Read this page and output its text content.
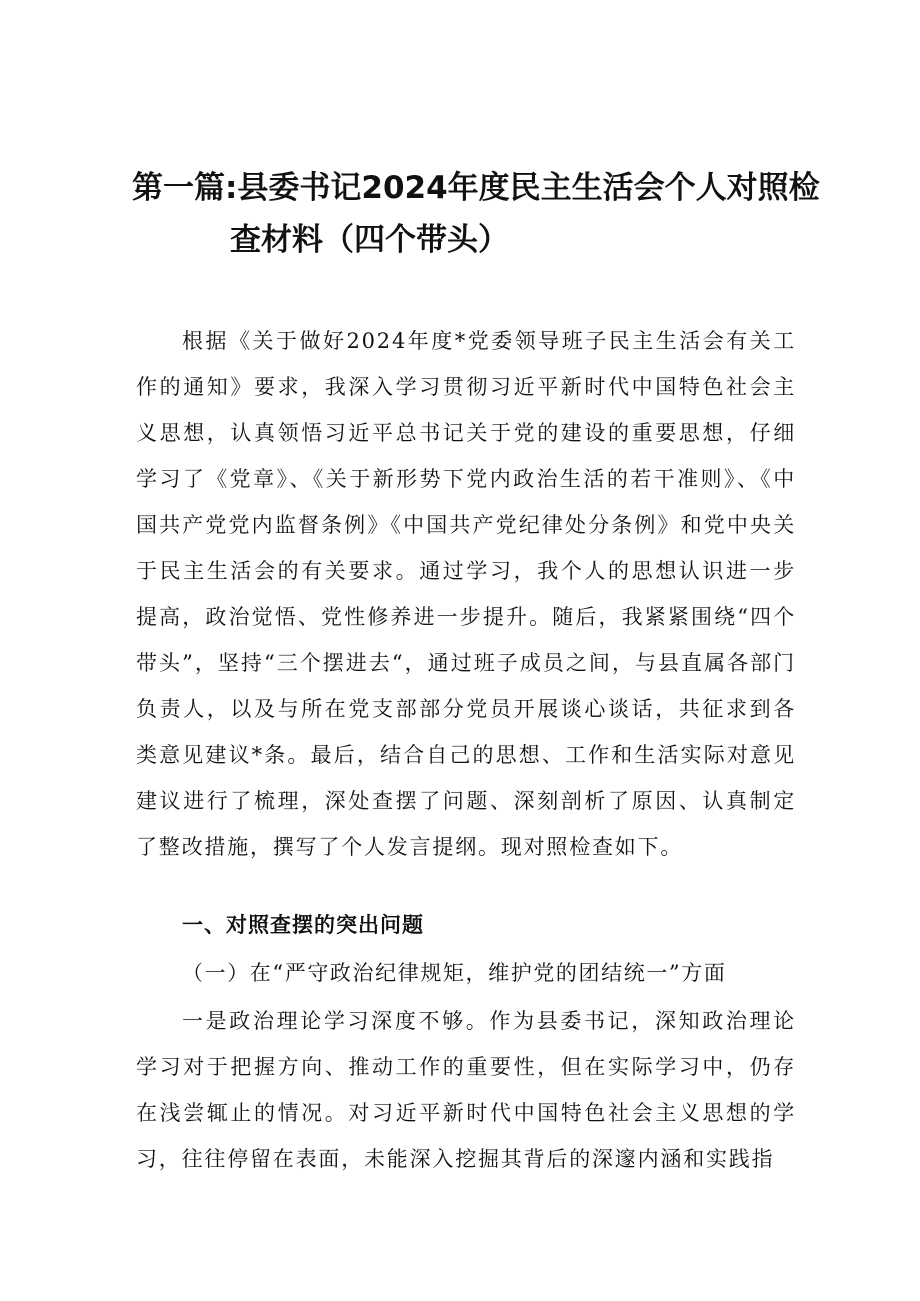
第一篇:县委书记2024年度民主生活会个人对照检
查材料（四个带头）
根据《关于做好2024年度*党委领导班子民主生活会有关工作的通知》要求，我深入学习贯彻习近平新时代中国特色社会主义思想，认真领悟习近平总书记关于党的建设的重要思想，仔细学习了《党章》、《关于新形势下党内政治生活的若干准则》、《中国共产党党内监督条例》《中国共产党纪律处分条例》和党中央关于民主生活会的有关要求。通过学习，我个人的思想认识进一步提高，政治觉悟、党性修养进一步提升。随后，我紧紧围绕“四个带头”，坚持“三个摆进去“，通过班子成员之间，与县直属各部门负责人，以及与所在党支部部分党员开展谈心谈话，共征求到各类意见建议*条。最后，结合自己的思想、工作和生活实际对意见建议进行了梳理，深处查摆了问题、深刻剖析了原因、认真制定了整改措施，撰写了个人发言提纲。现对照检查如下。
一、对照查摆的突出问题
（一）在“严守政治纪律规矩，维护党的团结统一”方面
一是政治理论学习深度不够。作为县委书记，深知政治理论学习对于把握方向、推动工作的重要性，但在实际学习中，仍存在浅尝辄止的情况。对习近平新时代中国特色社会主义思想的学习，往往停留在表面，未能深入挖掘其背后的深邃内涵和实践指
